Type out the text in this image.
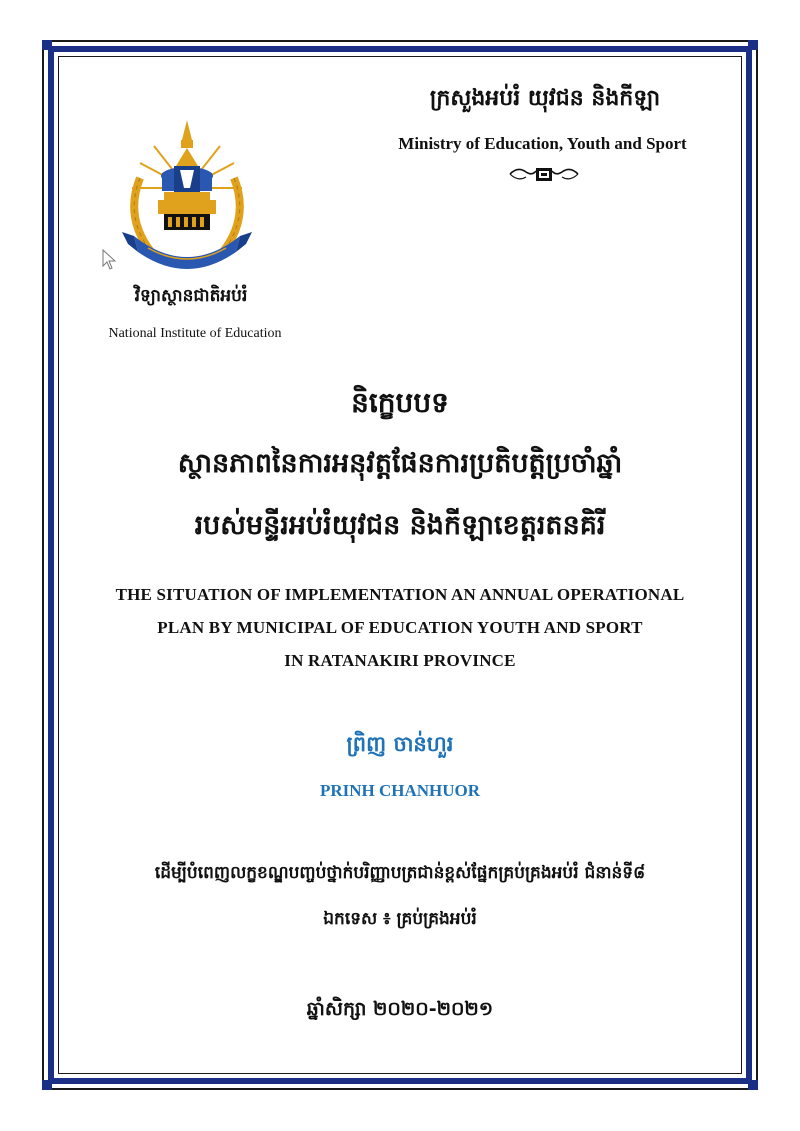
ក្រសួងអប់រំ យុវជន និងកីឡា
Ministry of Education, Youth and Sport
វិទ្យាស្ថានជាតិអប់រំ
National Institute of Education
និក្ខេបបទ
ស្ថានភាពនៃការអនុវត្តផែនការប្រតិបត្តិប្រចាំឆ្នាំ
របស់មន្ទីរអប់រំយុវជន និងកីឡាខេត្តរតនគិរី
THE SITUATION OF IMPLEMENTATION AN ANNUAL OPERATIONAL
PLAN BY MUNICIPAL OF EDUCATION YOUTH AND SPORT
IN RATANAKIRI PROVINCE
ព្រិញ ចាន់ហួរ
PRINH CHANHUOR
ដើម្បីបំពេញលក្ខខណ្ឌបញ្ចប់ថ្នាក់បរិញ្ញាបត្រជាន់ខ្ពស់ផ្នែកគ្រប់គ្រងអប់រំ ជំនាន់ទី៨
ឯកទេស ៖ គ្រប់គ្រងអប់រំ
ឆ្នាំសិក្សា ២០២០-២០២១
